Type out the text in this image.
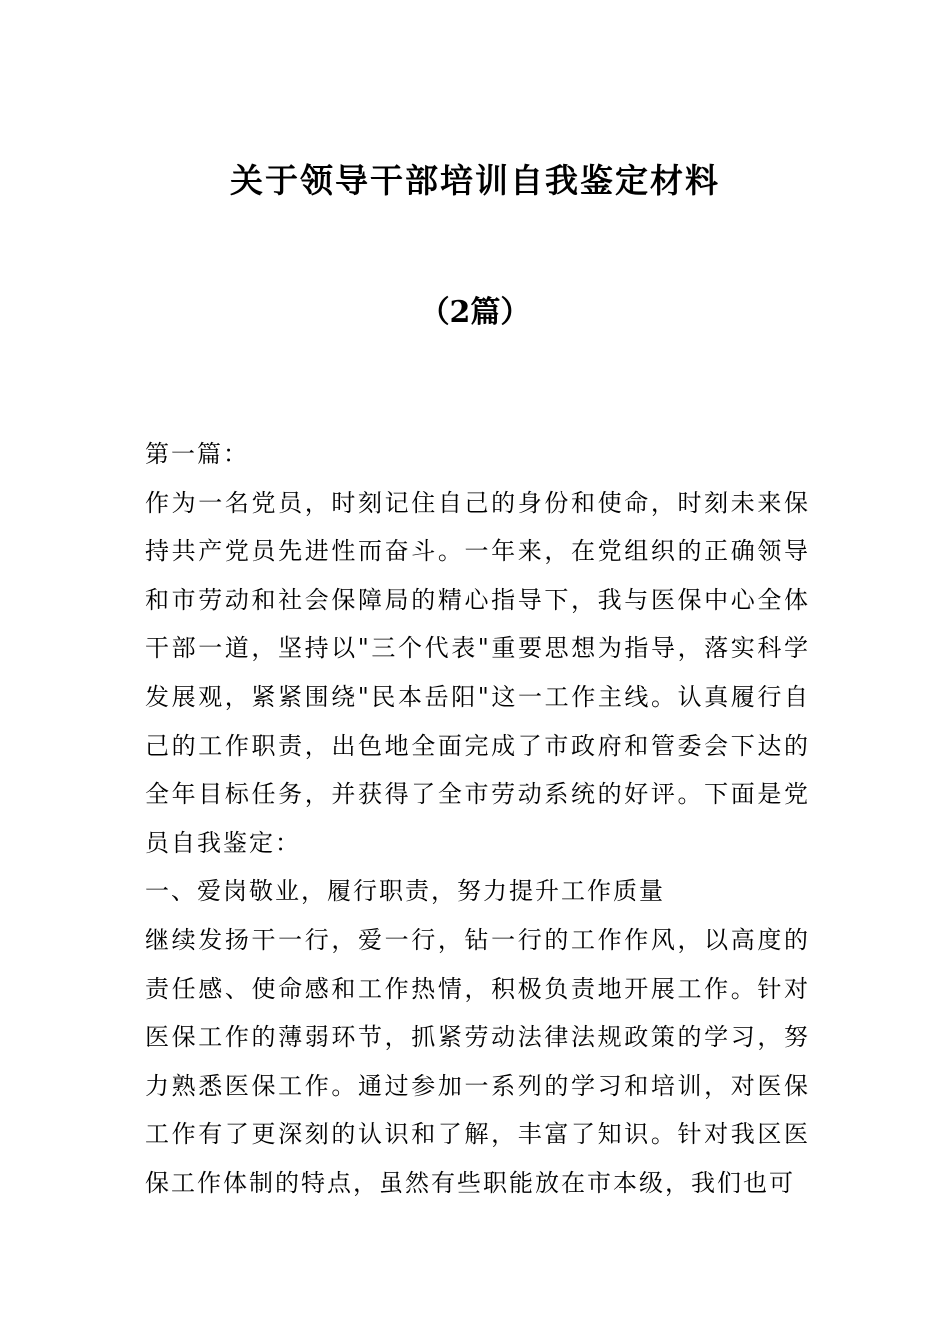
关于领导干部培训自我鉴定材料
（2篇）

第一篇：

作为一名党员，时刻记住自己的身份和使命，时刻未来保持共产党员先进性而奋斗。一年来，在党组织的正确领导和市劳动和社会保障局的精心指导下，我与医保中心全体干部一道，坚持以"三个代表"重要思想为指导，落实科学发展观，紧紧围绕"民本岳阳"这一工作主线。认真履行自己的工作职责，出色地全面完成了市政府和管委会下达的全年目标任务，并获得了全市劳动系统的好评。下面是党员自我鉴定：

一、爱岗敬业，履行职责，努力提升工作质量

继续发扬干一行，爱一行，钻一行的工作作风，以高度的责任感、使命感和工作热情，积极负责地开展工作。针对医保工作的薄弱环节，抓紧劳动法律法规政策的学习，努力熟悉医保工作。通过参加一系列的学习和培训，对医保工作有了更深刻的认识和了解，丰富了知识。针对我区医保工作体制的特点，虽然有些职能放在市本级，我们也可
